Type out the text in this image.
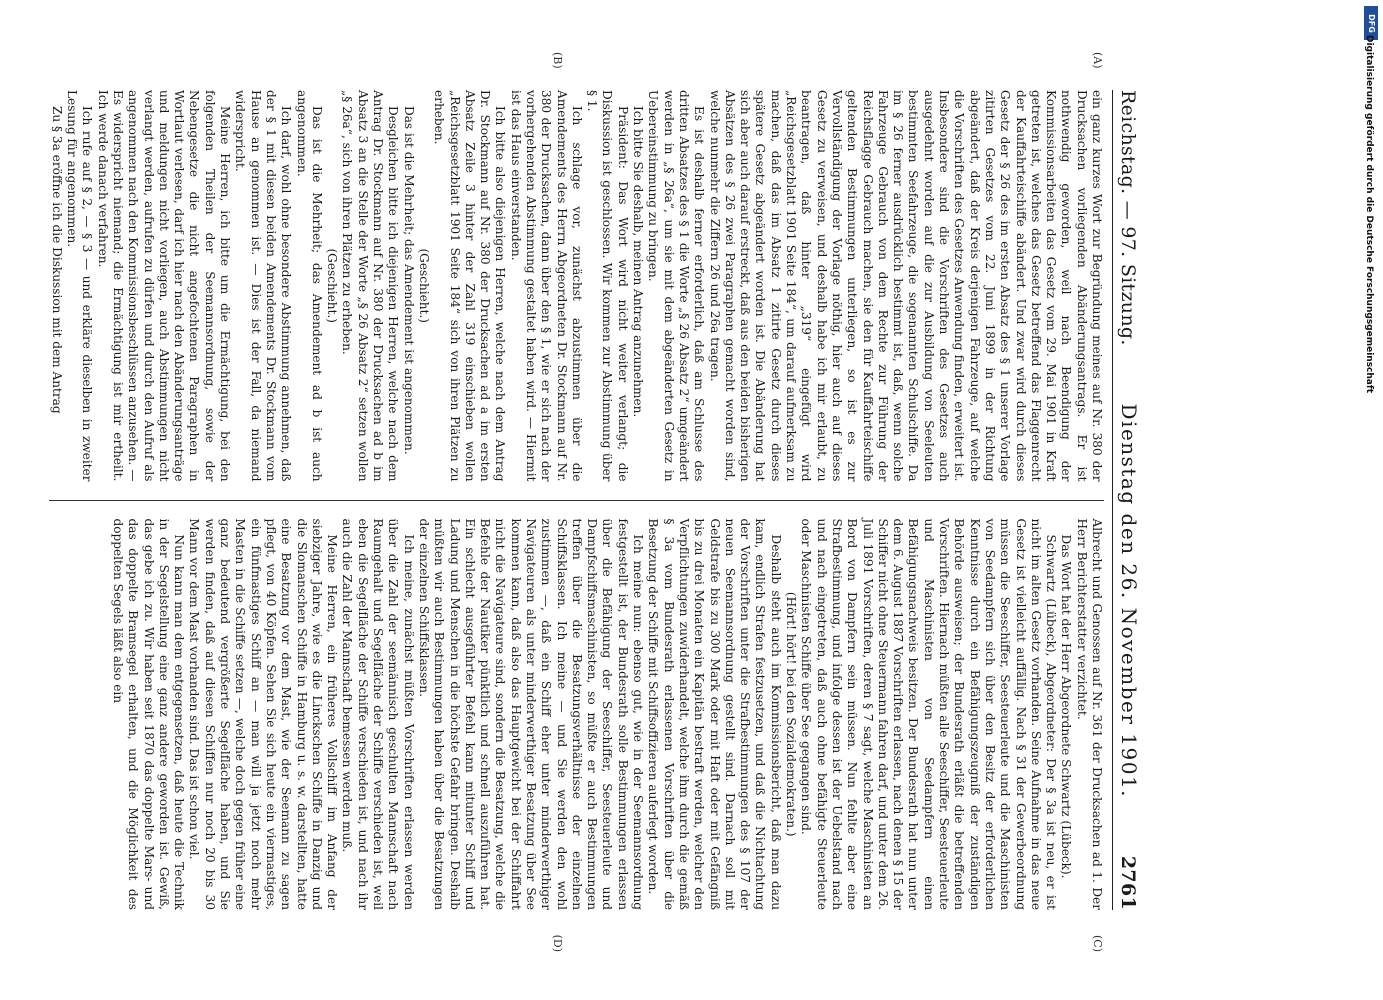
Reichstag. — 97. Sitzung.
Dienstag den 26. November 1901.
2761
(A)
(B)
(C)
(D)

ein ganz kurzes Wort zur Begründung meines auf Nr. 380 der Drucksachen vorliegenden Abänderungsantrags. Er ist nothwendig geworden, weil nach Beendigung der Kommissionsarbeiten das Gesetz vom 29. Mai 1901 in Kraft getreten ist, welches das Gesetz betreffend das Flaggenrecht der Kauffahrteischiffe abändert. Und zwar wird durch dieses Gesetz der § 26 des im ersten Absatz des § 1 unserer Vorlage zitirten Gesetzes vom 22. Juni 1899 in der Richtung abgeändert, daß der Kreis derjenigen Fahrzeuge, auf welche die Vorschriften des Gesetzes Anwendung finden, erweitert ist. Insbesondere sind die Vorschriften des Gesetzes auch ausgedehnt worden auf die zur Ausbildung von Seeleuten bestimmten Seefahrzeuge, die sogenannten Schulschiffe. Da im § 26 ferner ausdrücklich bestimmt ist, daß, wenn solche Fahrzeuge Gebrauch von dem Rechte zur Führung der Reichsflagge Gebrauch machen, sie den für Kauffahrteischiffe geltenden Bestimmungen unterliegen, so ist es zur Vervollständigung der Vorlage nöthig, hier auch auf dieses Gesetz zu verweisen, und deshalb habe ich mir erlaubt, zu beantragen, daß hinter „319“ eingefügt wird „Reichsgesetzblatt 1901 Seite 184“, um darauf aufmerksam zu machen, daß das im Absatz 1 zitirte Gesetz durch dieses spätere Gesetz abgeändert worden ist. Die Abänderung hat sich aber auch darauf erstreckt, daß aus den beiden bisherigen Absätzen des § 26 zwei Paragraphen gemacht worden sind, welche nunmehr die Ziffern 26 und 26a tragen.

Es ist deshalb ferner erforderlich, daß am Schlusse des dritten Absatzes des § 1 die Worte „§ 26 Absatz 2“ umgeändert werden in „§ 26a“, um sie mit dem abgeänderten Gesetz in Uebereinstimmung zu bringen.

Ich bitte Sie deshalb, meinen Antrag anzunehmen.

Präsident: Das Wort wird nicht weiter verlangt; die Diskussion ist geschlossen. Wir kommen zur Abstimmung über § 1.

Ich schlage vor, zunächst abzustimmen über die Amendements des Herrn Abgeordneten Dr. Stockmann auf Nr. 380 der Drucksachen, dann über den § 1, wie er sich nach der vorhergehenden Abstimmung gestaltet haben wird. — Hiermit ist das Haus einverstanden.

Ich bitte also diejenigen Herren, welche nach dem Antrag Dr. Stockmann auf Nr. 380 der Drucksachen ad a im ersten Absatz Zeile 3 hinter der Zahl 319 einschieben wollen „Reichsgesetzblatt 1901 Seite 184“ sich von ihren Plätzen zu erheben.

(Geschieht.)

Das ist die Mehrheit; das Amendement ist angenommen.

Desgleichen bitte ich diejenigen Herren, welche nach dem Antrag Dr. Stockmann auf Nr. 380 der Drucksachen ad b im Absatz 3 an die Stelle der Worte „§ 26 Absatz 2“ setzen wollen „§ 26a“, sich von ihren Plätzen zu erheben.

(Geschieht.)

Das ist die Mehrheit; das Amendement ad b ist auch angenommen.

Ich darf, wohl ohne besondere Abstimmung annehmen, daß der § 1 mit diesen beiden Amendements Dr. Stockmann vom Hause an genommen ist. — Dies ist der Fall, da niemand widerspricht.

Meine Herren, ich bitte um die Ermächtigung, bei den folgenden Theilen der Seemannsordnung, sowie der Nebengesetze die nicht angefochtenen Paragraphen in Wortlaut verlesen, darf ich hier nach den Abänderungsanträge und meldungen nicht vorliegen, auch Abstimmungen nicht verlangt werden, aufrufen zu dürfen und durch den Aufruf als angenommen nach den Kommissionsbeschlüssen anzusehen. — Es widerspricht niemand; die Ermächtigung ist mir ertheilt. Ich werde danach verfahren.

Ich rufe auf § 2, — § 3 — und erkläre dieselben in zweiter Lesung für angenommen.

Zu § 3a eröffne ich die Diskussion mit dem Antrag

Albrecht und Genossen auf Nr. 361 der Drucksachen ad 1. Der Herr Berichterstatter verzichtet.

Das Wort hat der Herr Abgeordnete Schwartz (Lübeck).

Schwartz (Lübeck), Abgeordneter: Der § 3a ist neu, er ist nicht im alten Gesetz vorhanden. Seine Aufnahme in das neue Gesetz ist vielleicht auffällig. Nach § 31 der Gewerbeordnung müssen die Seeschiffer, Seesteuerleute und die Maschinisten von Seedampfern sich über den Besitz der erforderlichen Kenntnisse durch ein Befähigungszeugniß der zuständigen Behörde ausweisen; der Bundesrath erläßt die betreffenden Vorschriften. Hiernach müßten alle Seeschiffer, Seesteuerleute und Maschinisten von Seedampfern einen Befähigungsnachweis besitzen. Der Bundesrath hat nun unter dem 6. August 1887 Vorschriften erlassen, nach denen § 15 der Schiffer nicht ohne Steuermann fahren darf, und unter dem 26. Juli 1891 Vorschriften, deren § 7 sagt, welche Maschinisten an Bord von Dampfern sein müssen. Nun fehlte aber eine Strafbestimmung, und infolge dessen ist der Uebelstand nach und nach eingetreten, daß auch ohne befähigte Steuerleute oder Maschinisten Schiffe über See gegangen sind.

(Hört! hört! bei den Sozialdemokraten.)

Deshalb steht auch im Kommissionsbericht, daß man dazu kam, endlich Strafen festzusetzen, und daß die Nichtachtung der Vorschriften unter die Strafbestimmungen des § 107 der neuen Seemannsordnung gestellt sind. Darnach soll mit Geldstrafe bis zu 300 Mark oder mit Haft oder mit Gefängniß bis zu drei Monaten ein Kapitän bestraft werden, welcher den Verpflichtungen zuwiderhandelt, welche ihm durch die gemäß § 3a vom Bundesrath erlassenen Vorschriften über die Besetzung der Schiffe mit Schiffsoffizieren auferlegt worden.

Ich meine nun: ebenso gut, wie in der Seemannsordnung festgestellt ist, der Bundesrath solle Bestimmungen erlassen über die Befähigung der Seeschiffer, Seesteuerleute und Dampfschiffsmaschinisten, so müßte er auch Bestimmungen treffen über die Besatzungsverhältnisse der einzelnen Schiffsklassen. Ich meine — und Sie werden den wohl zustimmen —, daß ein Schiff eher unter minderwerthiger Navigateuren als unter minderwerthiger Besatzung über See kommen kann, daß also das Hauptgewicht bei der Schiffahrt nicht die Navigateure sind, sondern die Besatzung, welche die Befehle der Nautiker pünktlich und schnell auszuführen hat. Ein schlecht ausgeführter Befehl kann mitunter Schiff und Ladung und Menschen in die höchste Gefahr bringen. Deshalb müßten wir auch Bestimmungen haben über die Besatzungen der einzelnen Schiffsklassen.

Ich meine, zunächst müßten Vorschriften erlassen werden über die Zahl der seemännisch geschulten Mannschaft nach Raumgehalt und Segelfläche der Schiffe verschieden ist, weil eben die Segelfläche der Schiffe verschieden ist, und nach ihr auch die Zahl der Mannschaft bemessen werden muß.

Meine Herren, ein früheres Vollschiff im Anfang der siebziger Jahre, wie es die Linckschen Schiffe in Danzig und die Slomanschen Schiffe in Hamburg u. s. w. darstellten, hatte eine Besatzung vor dem Mast, wie der Seemann zu sagen pflegt, von 40 Köpfen. Sehen Sie sich heute ein viermastiges, ein fünfmastiges Schiff an — man will ja jetzt noch mehr Masten in die Schiffe setzen —, welche doch gegen früher eine ganz bedeutend vergrößerte Segelfläche haben, und Sie werden finden, daß auf diesen Schiffen nur noch 20 bis 30 Mann vor dem Mast vorhanden sind. Das ist schon viel.

Nun kann man dem entgegensetzen, daß heute die Technik in der Segelstellung eine ganz andere geworden ist. Gewiß, das gebe ich zu. Wir haben seit 1870 das doppelte Mars- und das doppelte Bramsegel erhalten, und die Möglichkeit des doppelten Segels läßt also ein

DFG
Digitalisierung gefördert durch die Deutsche Forschungsgemeinschaft
